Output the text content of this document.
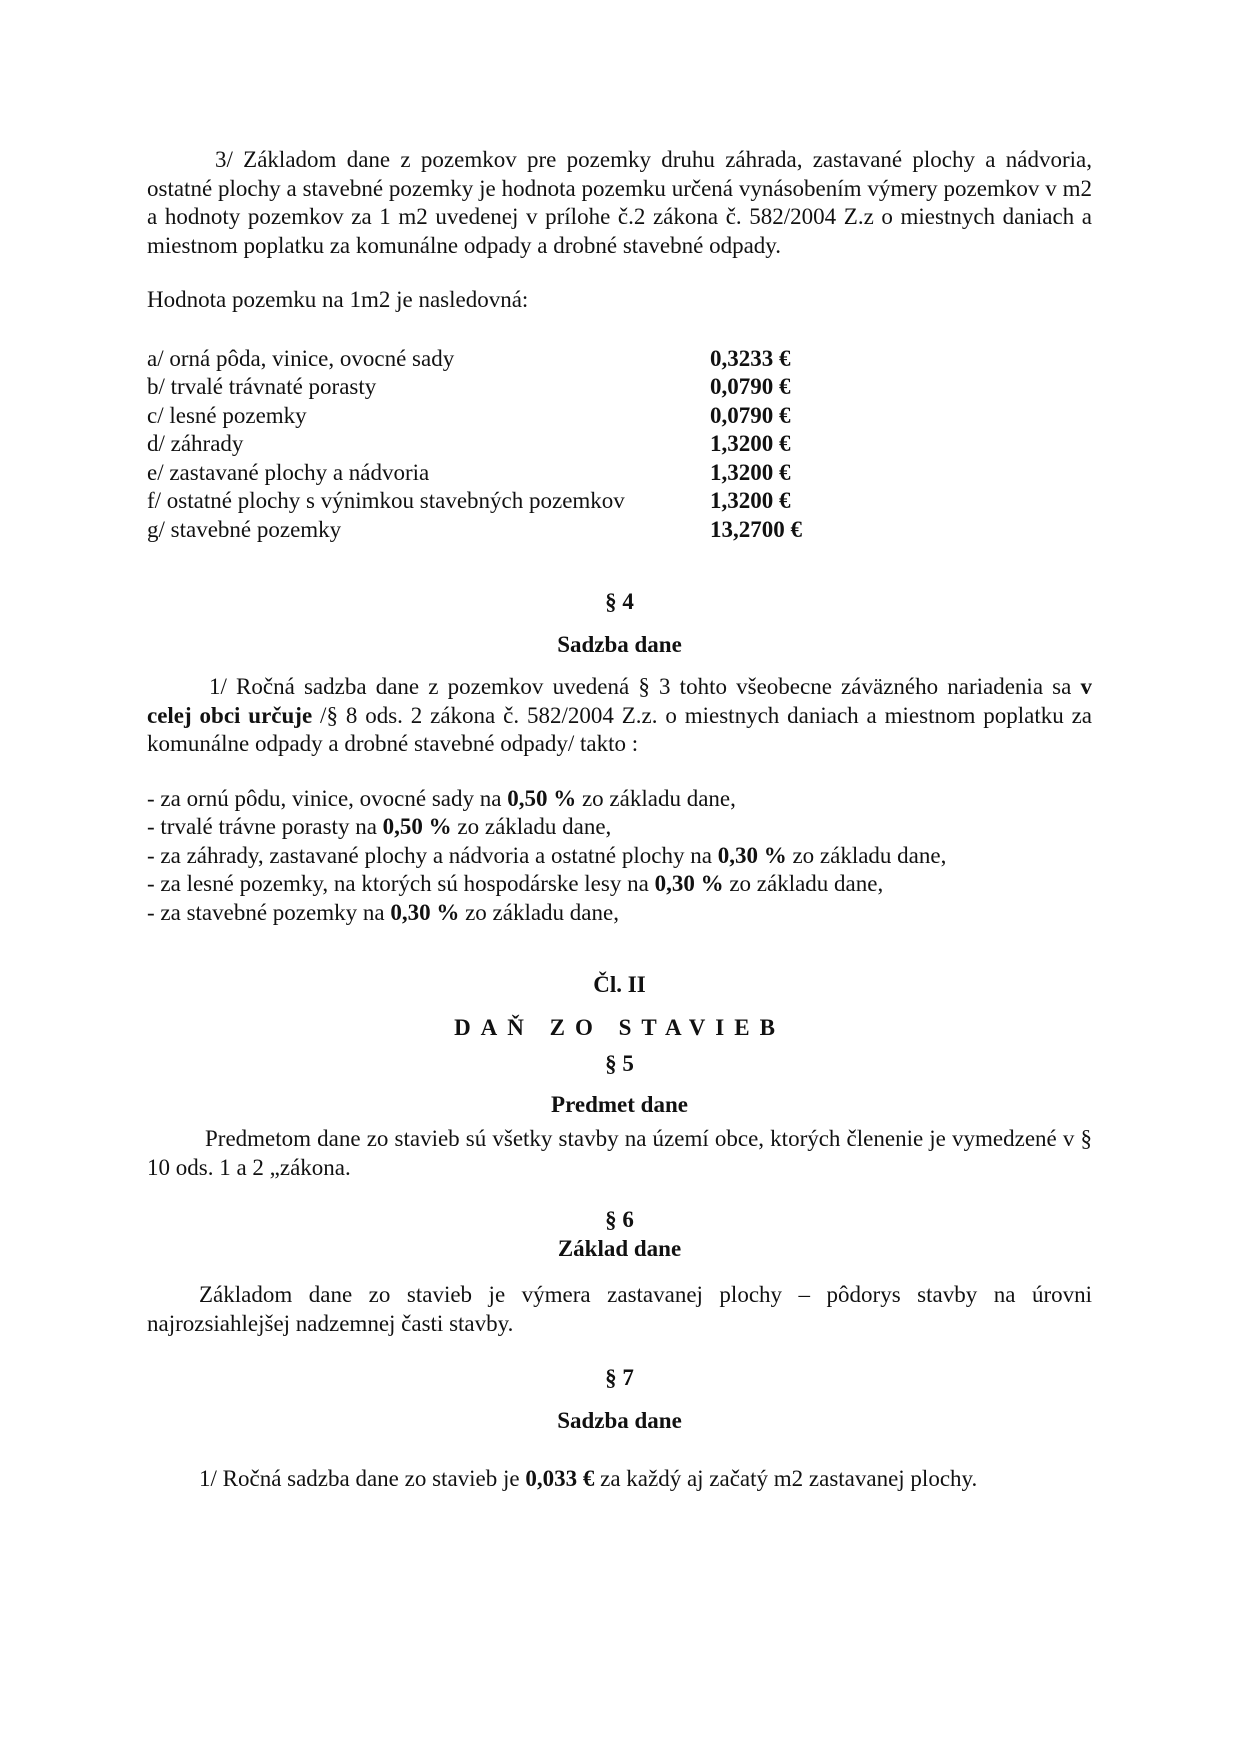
3/ Základom dane z pozemkov pre pozemky druhu záhrada, zastavané plochy a nádvoria, ostatné plochy a stavebné pozemky je hodnota pozemku určená vynásobením výmery pozemkov v m2 a hodnoty pozemkov za 1 m2 uvedenej v prílohe č.2 zákona č. 582/2004 Z.z o miestnych daniach a miestnom poplatku za komunálne odpady a drobné stavebné odpady.

Hodnota pozemku na 1m2 je nasledovná:

a/ orná pôda, vinice, ovocné sady	0,3233 €
b/ trvalé trávnaté porasty	0,0790 €
c/ lesné pozemky	0,0790 €
d/ záhrady	1,3200 €
e/ zastavané plochy a nádvoria	1,3200 €
f/ ostatné plochy s výnimkou stavebných pozemkov	1,3200 €
g/ stavebné pozemky	13,2700 €

§ 4

Sadzba dane

1/ Ročná sadzba dane z pozemkov uvedená § 3 tohto všeobecne záväzného nariadenia sa v celej obci určuje /§ 8 ods. 2 zákona č. 582/2004 Z.z. o miestnych daniach a miestnom poplatku za komunálne odpady a drobné stavebné odpady/ takto :

- za ornú pôdu, vinice, ovocné sady na 0,50 % zo základu dane,

- trvalé trávne porasty na 0,50 % zo základu dane,

- za záhrady, zastavané plochy a nádvoria a ostatné plochy na 0,30 % zo základu dane,

- za lesné pozemky, na ktorých sú hospodárske lesy na 0,30 % zo základu dane,

- za stavebné pozemky na 0,30 % zo základu dane,

Čl. II

DAŇ ZO STAVIEB

§ 5

Predmet dane

Predmetom dane zo stavieb sú všetky stavby na území obce, ktorých členenie je vymedzené v § 10 ods. 1 a 2 „zákona.

§ 6

Základ dane

Základom dane zo stavieb je výmera zastavanej plochy – pôdorys stavby na úrovni najrozsiahlejšej nadzemnej časti stavby.

§ 7

Sadzba dane

1/ Ročná sadzba dane zo stavieb je 0,033 € za každý aj začatý m2 zastavanej plochy.
